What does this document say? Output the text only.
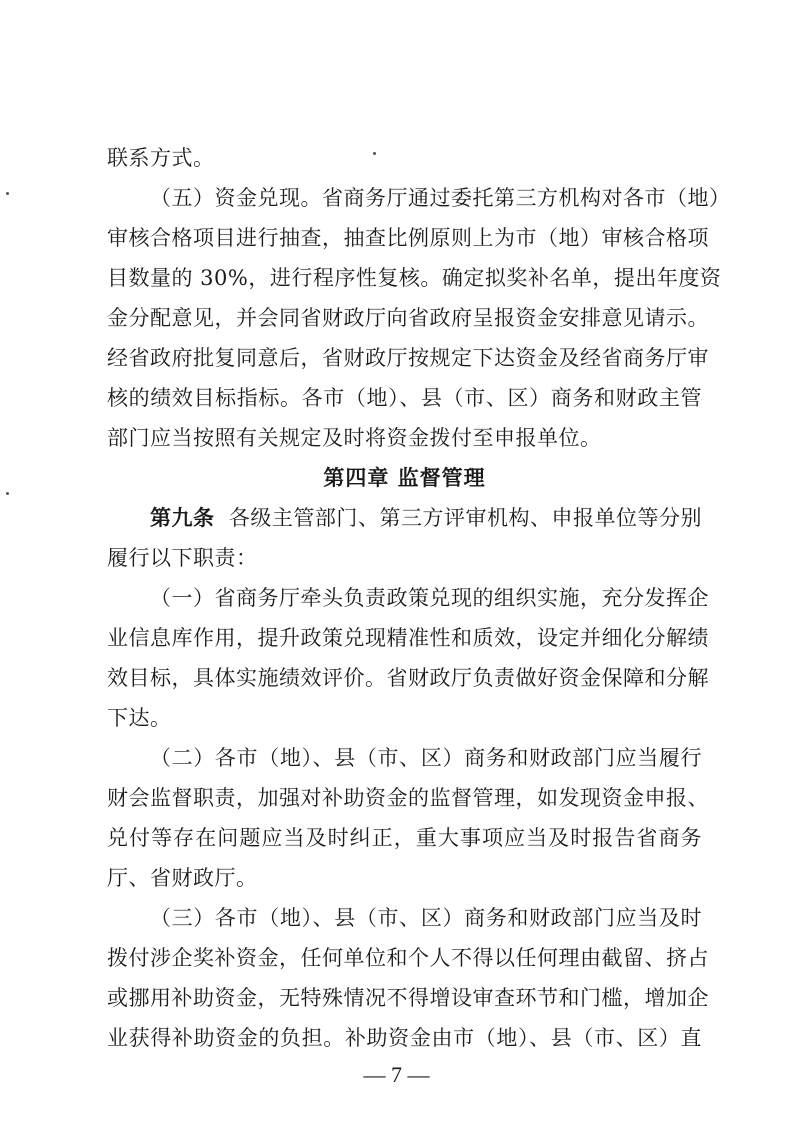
联系方式。
（五）资金兑现。省商务厅通过委托第三方机构对各市（地）
审核合格项目进行抽查，抽查比例原则上为市（地）审核合格项
目数量的 30%，进行程序性复核。确定拟奖补名单，提出年度资
金分配意见，并会同省财政厅向省政府呈报资金安排意见请示。
经省政府批复同意后，省财政厅按规定下达资金及经省商务厅审
核的绩效目标指标。各市（地）、县（市、区）商务和财政主管
部门应当按照有关规定及时将资金拨付至申报单位。
第四章 监督管理
第九条 各级主管部门、第三方评审机构、申报单位等分别
履行以下职责：
（一）省商务厅牵头负责政策兑现的组织实施，充分发挥企
业信息库作用，提升政策兑现精准性和质效，设定并细化分解绩
效目标，具体实施绩效评价。省财政厅负责做好资金保障和分解
下达。
（二）各市（地）、县（市、区）商务和财政部门应当履行
财会监督职责，加强对补助资金的监督管理，如发现资金申报、
兑付等存在问题应当及时纠正，重大事项应当及时报告省商务
厅、省财政厅。
（三）各市（地）、县（市、区）商务和财政部门应当及时
拨付涉企奖补资金，任何单位和个人不得以任何理由截留、挤占
或挪用补助资金，无特殊情况不得增设审查环节和门槛，增加企
业获得补助资金的负担。补助资金由市（地）、县（市、区）直
— 7 —
